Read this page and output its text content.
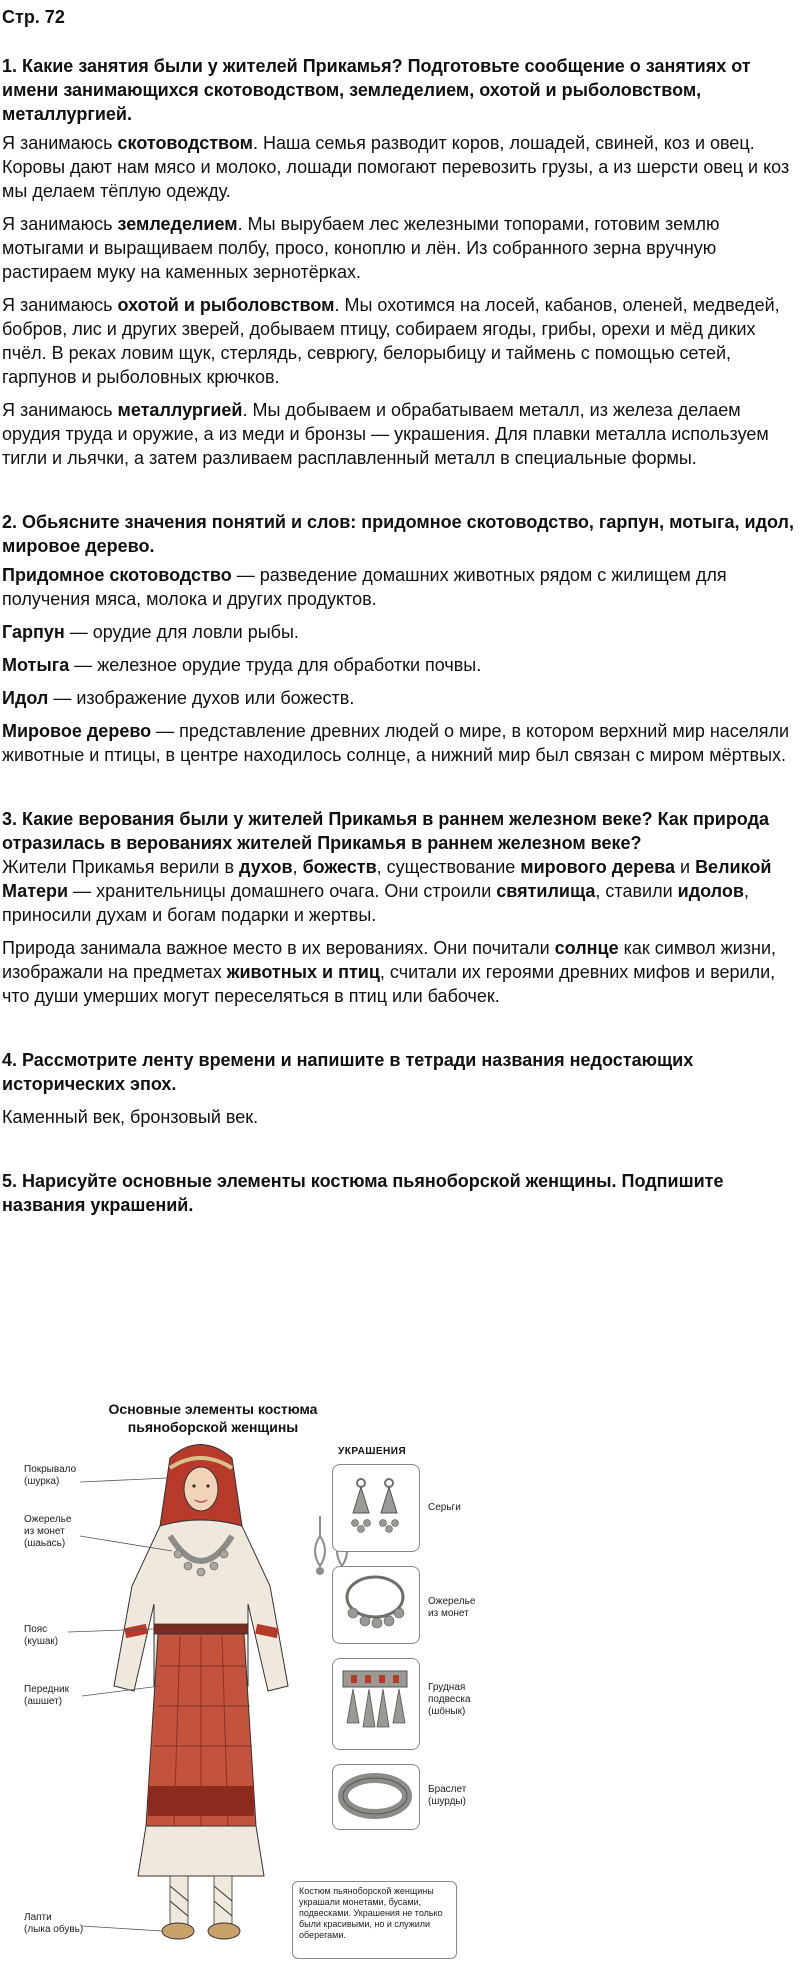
Стр. 72

1. Какие занятия были у жителей Прикамья? Подготовьте сообщение о занятиях от имени занимающихся скотоводством, земледелием, охотой и рыболовством, металлургией.

Я занимаюсь скотоводством. Наша семья разводит коров, лошадей, свиней, коз и овец. Коровы дают нам мясо и молоко, лошади помогают перевозить грузы, а из шерсти овец и коз мы делаем тёплую одежду.

Я занимаюсь земледелием. Мы вырубаем лес железными топорами, готовим землю мотыгами и выращиваем полбу, просо, коноплю и лён. Из собранного зерна вручную растираем муку на каменных зернотёрках.

Я занимаюсь охотой и рыболовством. Мы охотимся на лосей, кабанов, оленей, медведей, бобров, лис и других зверей, добываем птицу, собираем ягоды, грибы, орехи и мёд диких пчёл. В реках ловим щук, стерлядь, севрюгу, белорыбицу и таймень с помощью сетей, гарпунов и рыболовных крючков.

Я занимаюсь металлургией. Мы добываем и обрабатываем металл, из железа делаем орудия труда и оружие, а из меди и бронзы — украшения. Для плавки металла используем тигли и льячки, а затем разливаем расплавленный металл в специальные формы.

2. Обьясните значения понятий и слов: придомное скотоводство, гарпун, мотыга, идол, мировое дерево.

Придомное скотоводство — разведение домашних животных рядом с жилищем для получения мяса, молока и других продуктов.

Гарпун — орудие для ловли рыбы.

Мотыга — железное орудие труда для обработки почвы.

Идол — изображение духов или божеств.

Мировое дерево — представление древних людей о мире, в котором верхний мир населяли животные и птицы, в центре находилось солнце, а нижний мир был связан с миром мёртвых.

3. Какие верования были у жителей Прикамья в раннем железном веке? Как природа отразилась в верованиях жителей Прикамья в раннем железном веке?

Жители Прикамья верили в духов, божеств, существование мирового дерева и Великой Матери — хранительницы домашнего очага. Они строили святилища, ставили идолов, приносили духам и богам подарки и жертвы.

Природа занимала важное место в их верованиях. Они почитали солнце как символ жизни, изображали на предметах животных и птиц, считали их героями древних мифов и верили, что души умерших могут переселяться в птиц или бабочек.

4. Рассмотрите ленту времени и напишите в тетради названия недостающих исторических эпох.

Каменный век, бронзовый век.

5. Нарисуйте основные элементы костюма пьяноборской женщины. Подпишите названия украшений.

Основные элементы костюма пьяноборской женщины
Покрывало
(шурка)
Ожерелье
из монет
(шаьась)
Пояс
(кушак)
Передник
(ашшет)
Лапти
(лыка обувь)
УКРАШЕНИЯ
Серьги
Ожерелье
из монет
Грудная
подвеска
(шöнык)
Браслет
(шурды)
Костюм пьяноборской женщины украшали монетами, бусами, подвесками. Украшения не только были красивыми, но и служили оберегами.
